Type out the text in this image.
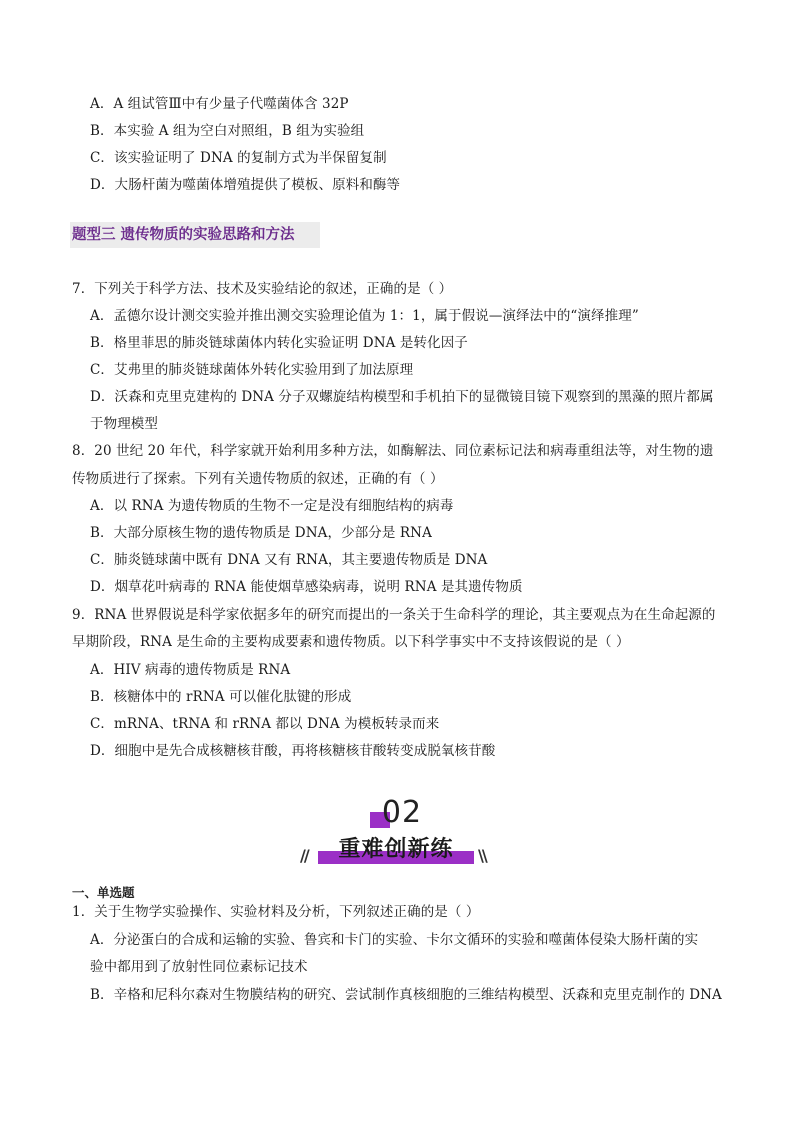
A．A 组试管Ⅲ中有少量子代噬菌体含 32P
B．本实验 A 组为空白对照组，B 组为实验组
C．该实验证明了 DNA 的复制方式为半保留复制
D．大肠杆菌为噬菌体增殖提供了模板、原料和酶等
题型三 遗传物质的实验思路和方法
7．下列关于科学方法、技术及实验结论的叙述，正确的是（ ）
A．孟德尔设计测交实验并推出测交实验理论值为 1：1，属于假说—演绎法中的“演绎推理”
B．格里菲思的肺炎链球菌体内转化实验证明 DNA 是转化因子
C．艾弗里的肺炎链球菌体外转化实验用到了加法原理
D．沃森和克里克建构的 DNA 分子双螺旋结构模型和手机拍下的显微镜目镜下观察到的黑藻的照片都属
于物理模型
8．20 世纪 20 年代，科学家就开始利用多种方法，如酶解法、同位素标记法和病毒重组法等，对生物的遗
传物质进行了探索。下列有关遗传物质的叙述，正确的有（ ）
A．以 RNA 为遗传物质的生物不一定是没有细胞结构的病毒
B．大部分原核生物的遗传物质是 DNA，少部分是 RNA
C．肺炎链球菌中既有 DNA 又有 RNA，其主要遗传物质是 DNA
D．烟草花叶病毒的 RNA 能使烟草感染病毒，说明 RNA 是其遗传物质
9．RNA 世界假说是科学家依据多年的研究而提出的一条关于生命科学的理论，其主要观点为在生命起源的
早期阶段，RNA 是生命的主要构成要素和遗传物质。以下科学事实中不支持该假说的是（ ）
A．HIV 病毒的遗传物质是 RNA
B．核糖体中的 rRNA 可以催化肽键的形成
C．mRNA、tRNA 和 rRNA 都以 DNA 为模板转录而来
D．细胞中是先合成核糖核苷酸，再将核糖核苷酸转变成脱氧核苷酸
02
重难创新练
//	\\
一、单选题
1．关于生物学实验操作、实验材料及分析，下列叙述正确的是（ ）
A．分泌蛋白的合成和运输的实验、鲁宾和卡门的实验、卡尔文循环的实验和噬菌体侵染大肠杆菌的实
验中都用到了放射性同位素标记技术
B．辛格和尼科尔森对生物膜结构的研究、尝试制作真核细胞的三维结构模型、沃森和克里克制作的 DNA
